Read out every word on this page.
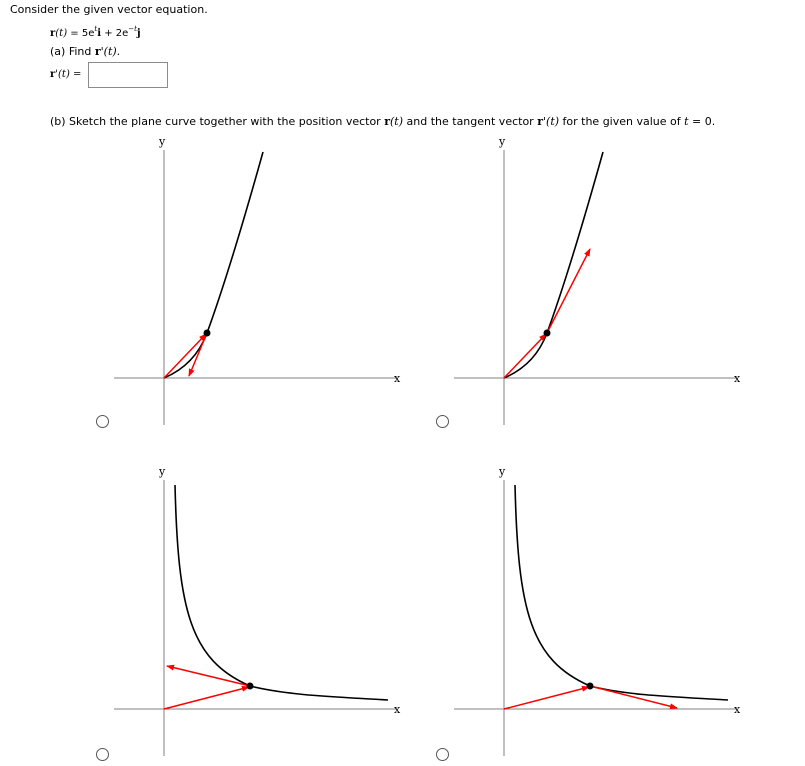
Consider the given vector equation.
$r(t) = 5e^ti + 2e^{-t}j$
(a) Find r'(t).
r'(t) =
(b) Sketch the plane curve together with the position vector r(t) and the tangent vector r'(t) for the given value of t = 0.
y
x
y
x
y
x
y
x
